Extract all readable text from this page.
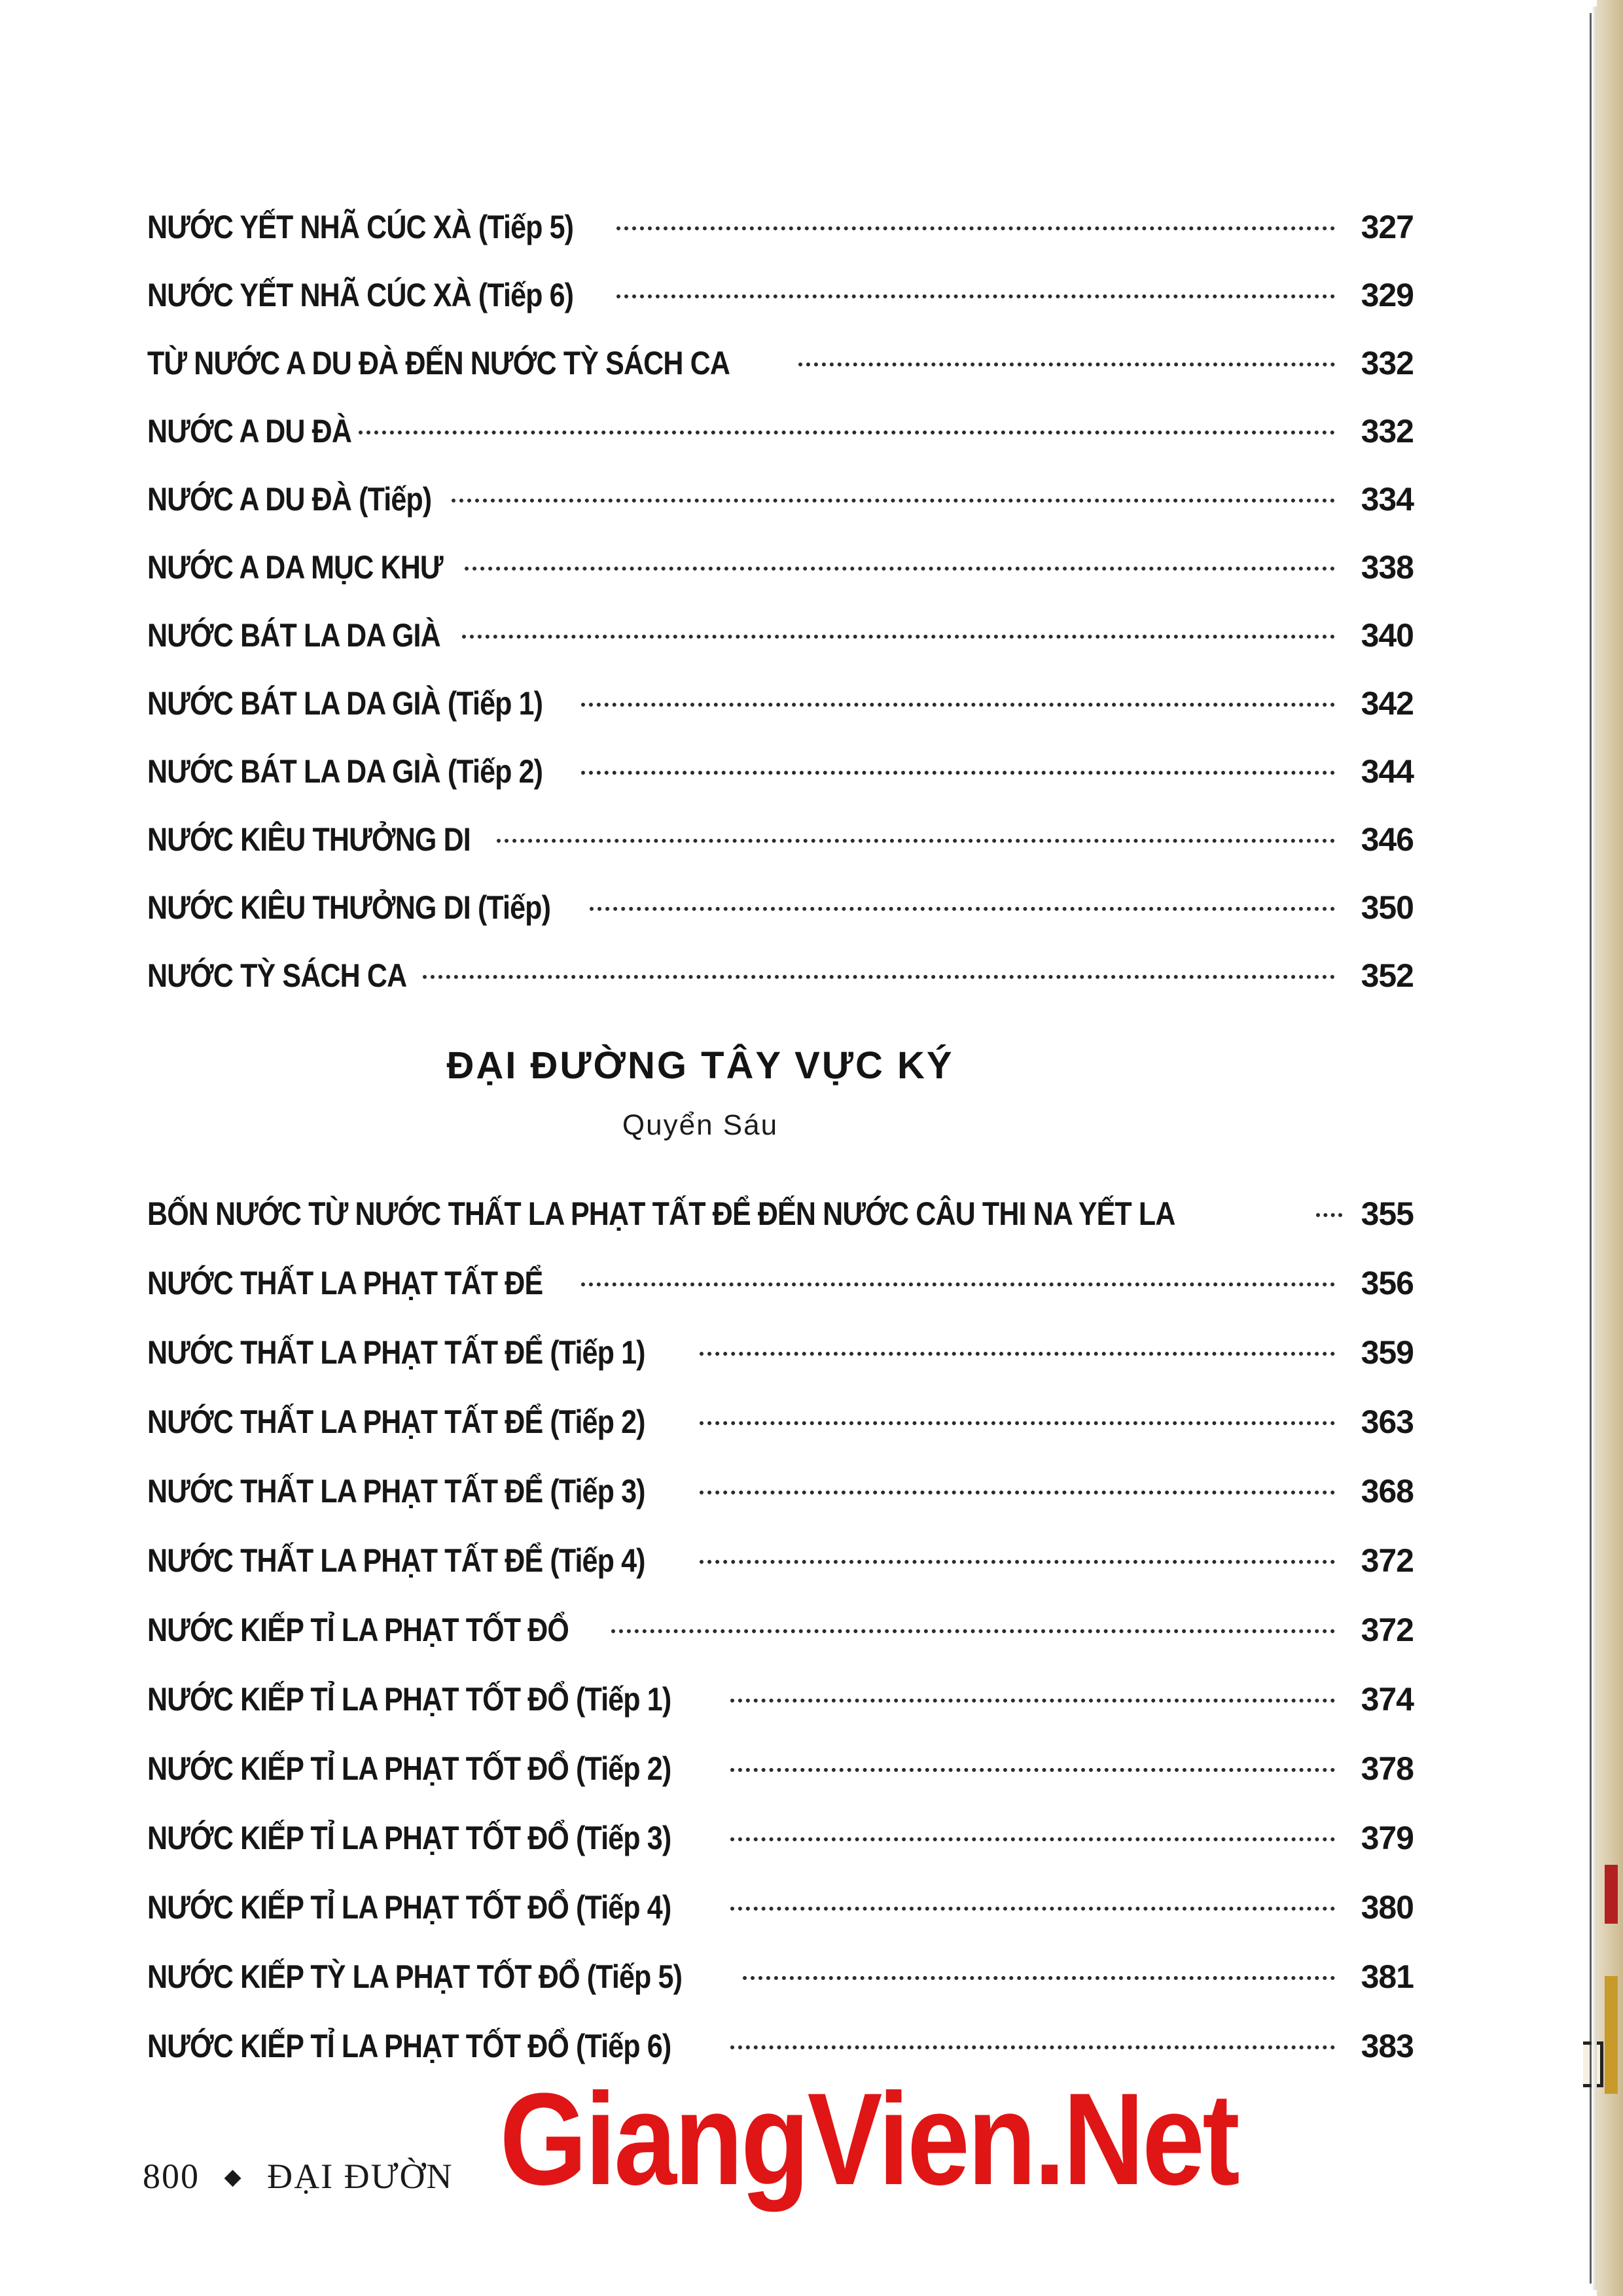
NƯỚC YẾT NHÃ CÚC XÀ (Tiếp 5)	327
NƯỚC YẾT NHÃ CÚC XÀ (Tiếp 6)	329
TỪ NƯỚC A DU ĐÀ ĐẾN NƯỚC TỲ SÁCH CA	332
NƯỚC A DU ĐÀ	332
NƯỚC A DU ĐÀ (Tiếp)	334
NƯỚC A DA MỤC KHƯ	338
NƯỚC BÁT LA DA GIÀ	340
NƯỚC BÁT LA DA GIÀ (Tiếp 1)	342
NƯỚC BÁT LA DA GIÀ (Tiếp 2)	344
NƯỚC KIÊU THƯỞNG DI	346
NƯỚC KIÊU THƯỞNG DI (Tiếp)	350
NƯỚC TỲ SÁCH CA	352
ĐẠI ĐƯỜNG TÂY VỰC KÝ
Quyển Sáu
BỐN NƯỚC TỪ NƯỚC THẤT LA PHẠT TẤT ĐỂ ĐẾN NƯỚC CÂU THI NA YẾT LA	355
NƯỚC THẤT LA PHẠT TẤT ĐỂ	356
NƯỚC THẤT LA PHẠT TẤT ĐỂ (Tiếp 1)	359
NƯỚC THẤT LA PHẠT TẤT ĐỂ (Tiếp 2)	363
NƯỚC THẤT LA PHẠT TẤT ĐỂ (Tiếp 3)	368
NƯỚC THẤT LA PHẠT TẤT ĐỂ (Tiếp 4)	372
NƯỚC KIẾP TỈ LA PHẠT TỐT ĐỔ	372
NƯỚC KIẾP TỈ LA PHẠT TỐT ĐỔ (Tiếp 1)	374
NƯỚC KIẾP TỈ LA PHẠT TỐT ĐỔ (Tiếp 2)	378
NƯỚC KIẾP TỈ LA PHẠT TỐT ĐỔ (Tiếp 3)	379
NƯỚC KIẾP TỈ LA PHẠT TỐT ĐỔ (Tiếp 4)	380
NƯỚC KIẾP TỲ LA PHẠT TỐT ĐỔ (Tiếp 5)	381
NƯỚC KIẾP TỈ LA PHẠT TỐT ĐỔ (Tiếp 6)	383
800 ◆ ĐẠI ĐƯỜN GiangVien.Net
